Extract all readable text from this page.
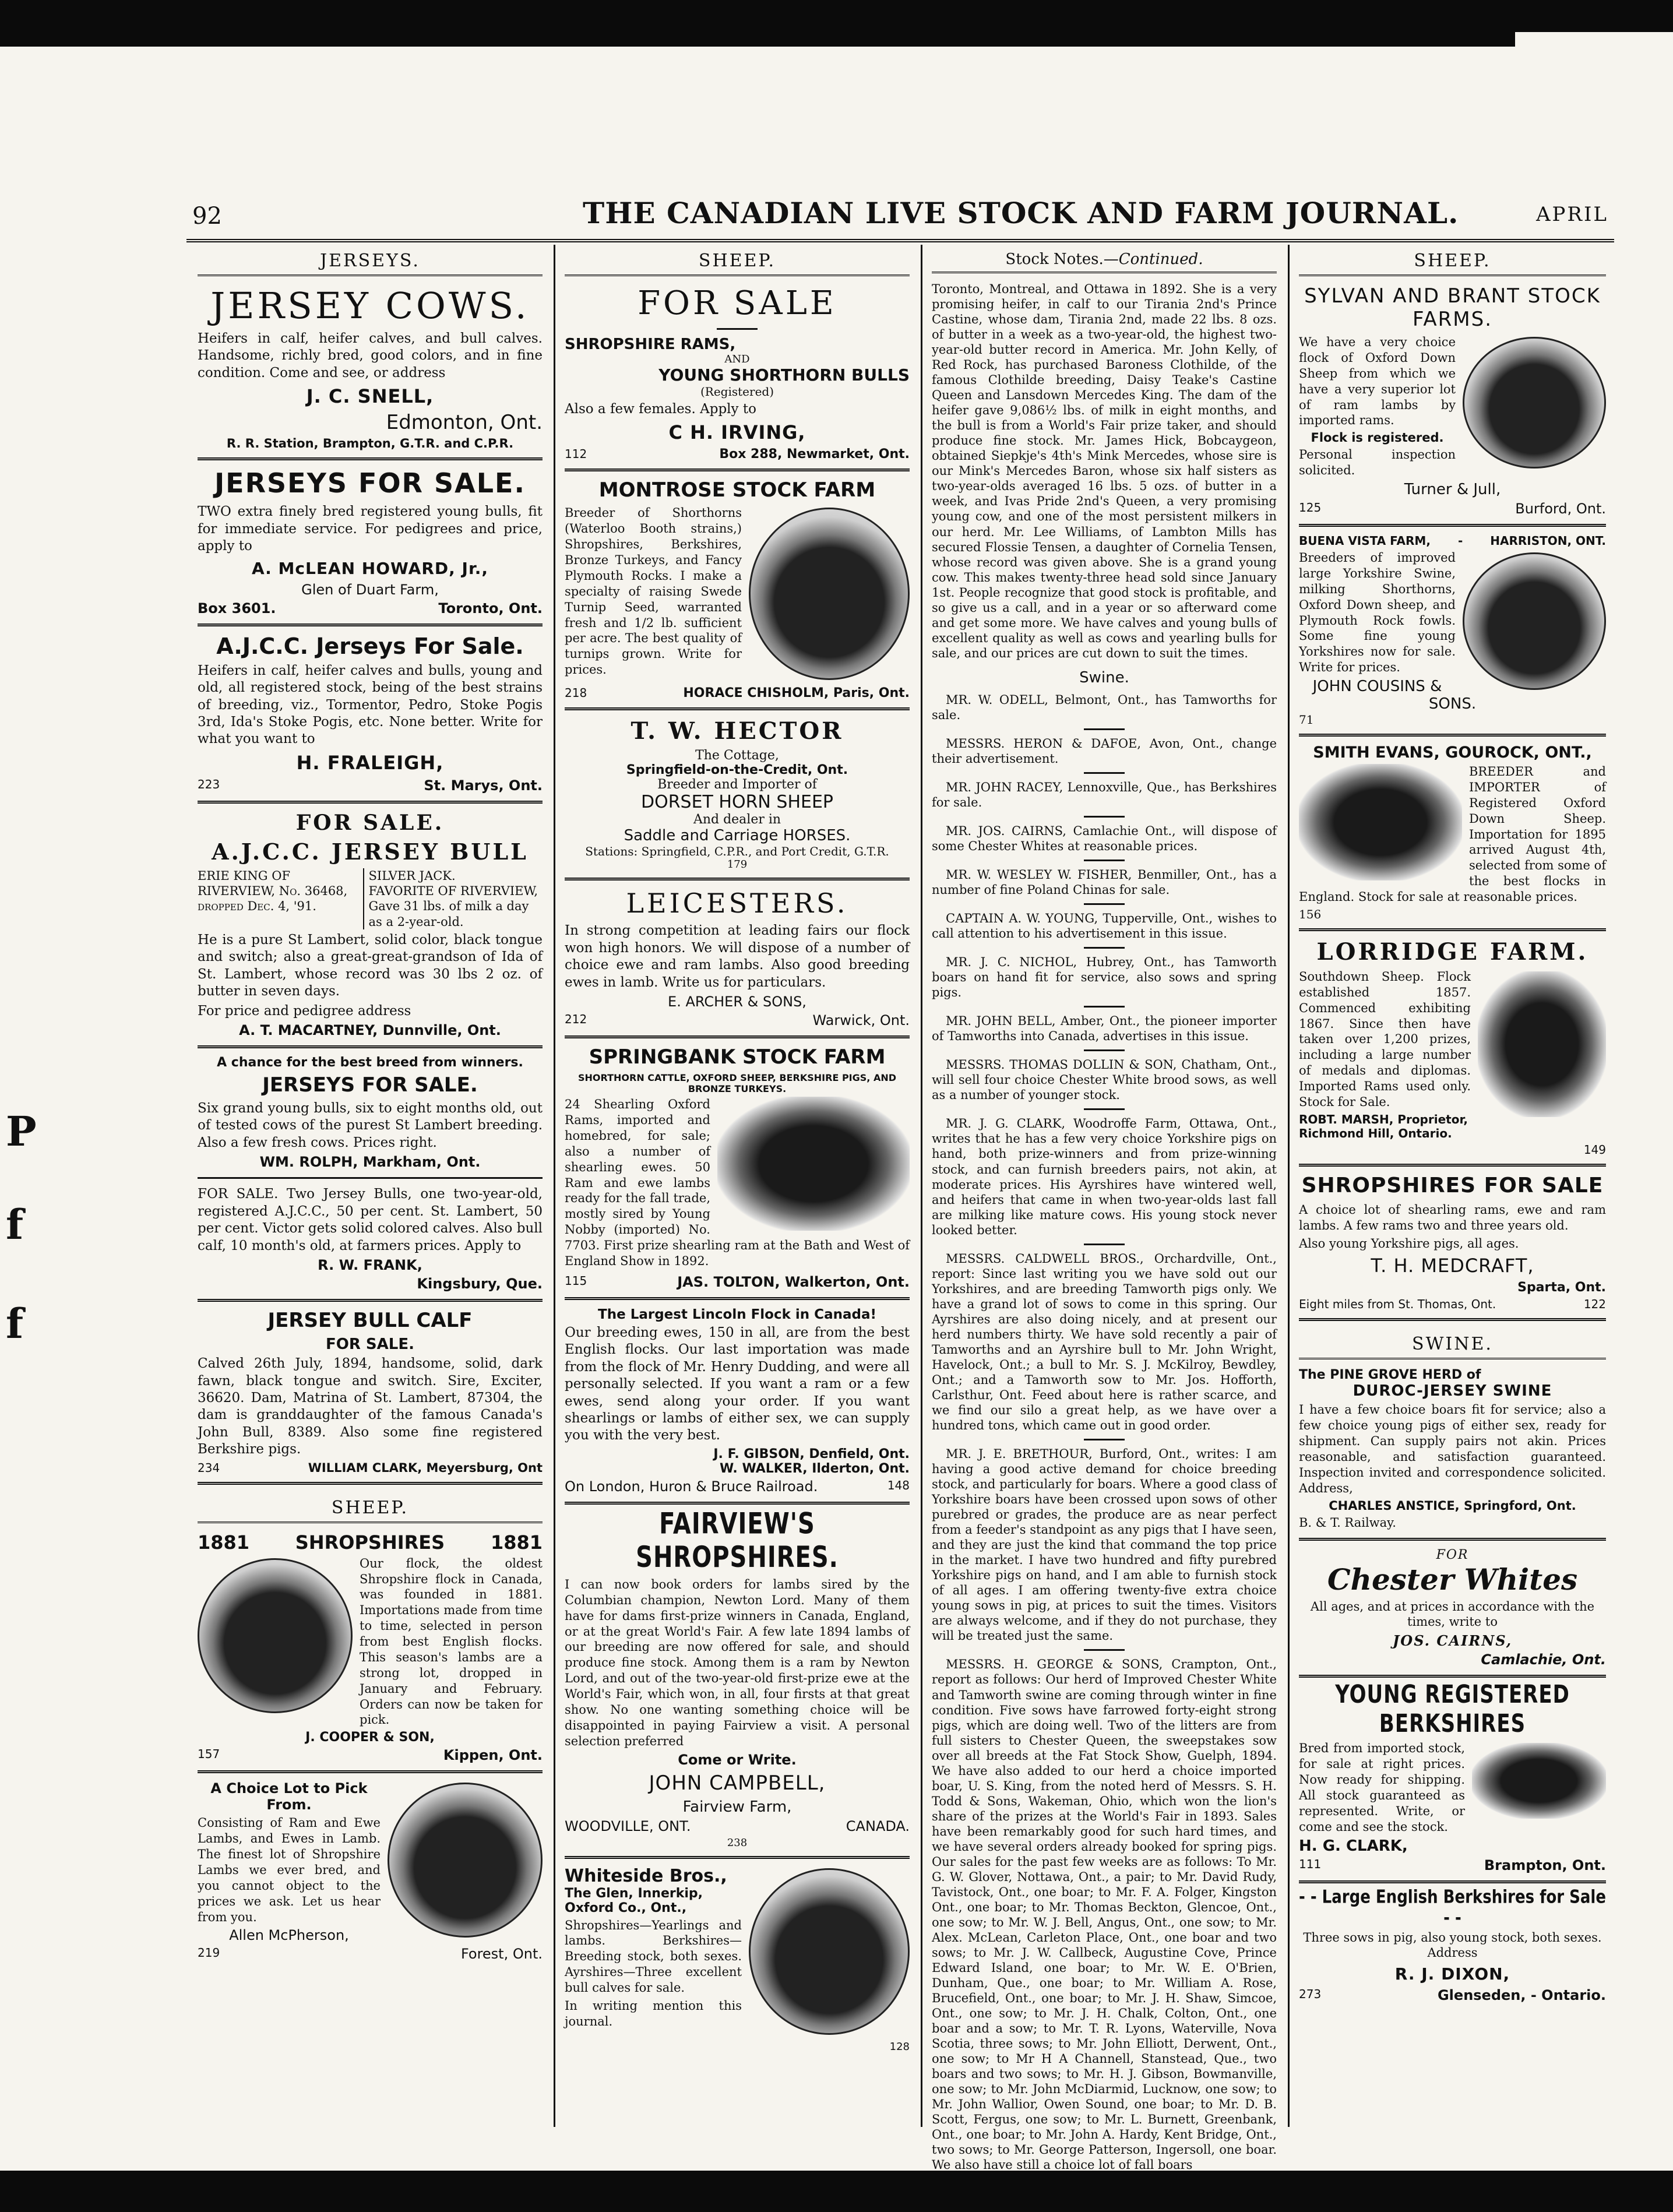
P
f
f
92	THE CANADIAN LIVE STOCK AND FARM JOURNAL.	APRIL
JERSEYS.
JERSEY COWS.
Heifers in calf, heifer calves, and bull calves. Handsome, richly bred, good colors, and in fine condition. Come and see, or address
J. C. SNELL,
Edmonton, Ont.
R. R. Station, Brampton, G.T.R. and C.P.R.
JERSEYS FOR SALE.
TWO extra finely bred registered young bulls, fit for immediate service. For pedigrees and price, apply to
A. McLEAN HOWARD, Jr.,
Glen of Duart Farm,
Box 3601.	Toronto, Ont.
A.J.C.C. Jerseys For Sale.
Heifers in calf, heifer calves and bulls, young and old, all registered stock, being of the best strains of breeding, viz., Tormentor, Pedro, Stoke Pogis 3rd, Ida's Stoke Pogis, etc. None better. Write for what you want to
H. FRALEIGH,
223	St. Marys, Ont.
FOR SALE.
A.J.C.C. JERSEY BULL
ERIE KING OF RIVERVIEW, No. 36468, dropped Dec. 4, '91.
SILVER JACK.
FAVORITE OF RIVERVIEW,
Gave 31 lbs. of milk a day as a 2-year-old.
He is a pure St Lambert, solid color, black tongue and switch; also a great-great-grandson of Ida of St. Lambert, whose record was 30 lbs 2 oz. of butter in seven days.
For price and pedigree address
A. T. MACARTNEY, Dunnville, Ont.
A chance for the best breed from winners.
JERSEYS FOR SALE.
Six grand young bulls, six to eight months old, out of tested cows of the purest St Lambert breeding. Also a few fresh cows. Prices right.
WM. ROLPH, Markham, Ont.
FOR SALE. Two Jersey Bulls, one two-year-old, registered A.J.C.C., 50 per cent. St. Lambert, 50 per cent. Victor gets solid colored calves. Also bull calf, 10 month's old, at farmers prices. Apply to
R. W. FRANK,
Kingsbury, Que.
JERSEY BULL CALF
FOR SALE.
Calved 26th July, 1894, handsome, solid, dark fawn, black tongue and switch. Sire, Exciter, 36620. Dam, Matrina of St. Lambert, 87304, the dam is granddaughter of the famous Canada's John Bull, 8389. Also some fine registered Berkshire pigs.
234	WILLIAM CLARK, Meyersburg, Ont
SHEEP.
1881 SHROPSHIRES 1881
Our flock, the oldest Shropshire flock in Canada, was founded in 1881. Importations made from time to time, selected in person from best English flocks. This season's lambs are a strong lot, dropped in January and February. Orders can now be taken for pick.
J. COOPER & SON,
157	Kippen, Ont.
A Choice Lot to Pick From.
Consisting of Ram and Ewe Lambs, and Ewes in Lamb. The finest lot of Shropshire Lambs we ever bred, and you cannot object to the prices we ask. Let us hear from you.
Allen McPherson,
219	Forest, Ont.
SHEEP.
FOR SALE
SHROPSHIRE RAMS,
AND
YOUNG SHORTHORN BULLS
(Registered)
Also a few females. Apply to
C H. IRVING,
112	Box 288, Newmarket, Ont.
MONTROSE STOCK FARM
Breeder of Shorthorns (Waterloo Booth strains,) Shropshires, Berkshires, Bronze Turkeys, and Fancy Plymouth Rocks. I make a specialty of raising Swede Turnip Seed, warranted fresh and 1/2 lb. sufficient per acre. The best quality of turnips grown. Write for prices.
218	HORACE CHISHOLM, Paris, Ont.
T. W. HECTOR
The Cottage,
Springfield-on-the-Credit, Ont.
Breeder and Importer of
DORSET HORN SHEEP
And dealer in
Saddle and Carriage HORSES.
Stations: Springfield, C.P.R., and Port Credit, G.T.R.
179
LEICESTERS.
In strong competition at leading fairs our flock won high honors. We will dispose of a number of choice ewe and ram lambs. Also good breeding ewes in lamb. Write us for particulars.
E. ARCHER & SONS,
212	Warwick, Ont.
SPRINGBANK STOCK FARM
SHORTHORN CATTLE, OXFORD SHEEP, BERKSHIRE PIGS, AND BRONZE TURKEYS.
24 Shearling Oxford Rams, imported and homebred, for sale; also a number of shearling ewes. 50 Ram and ewe lambs ready for the fall trade, mostly sired by Young Nobby (imported) No. 7703. First prize shearling ram at the Bath and West of England Show in 1892.
115	JAS. TOLTON, Walkerton, Ont.
The Largest Lincoln Flock in Canada!
Our breeding ewes, 150 in all, are from the best English flocks. Our last importation was made from the flock of Mr. Henry Dudding, and were all personally selected. If you want a ram or a few ewes, send along your order. If you want shearlings or lambs of either sex, we can supply you with the very best.
J. F. GIBSON, Denfield, Ont.
W. WALKER, Ilderton, Ont.
On London, Huron & Bruce Railroad.	148
FAIRVIEW'S SHROPSHIRES.
I can now book orders for lambs sired by the Columbian champion, Newton Lord. Many of them have for dams first-prize winners in Canada, England, or at the great World's Fair. A few late 1894 lambs of our breeding are now offered for sale, and should produce fine stock. Among them is a ram by Newton Lord, and out of the two-year-old first-prize ewe at the World's Fair, which won, in all, four firsts at that great show. No one wanting something choice will be disappointed in paying Fairview a visit. A personal selection preferred
Come or Write.
JOHN CAMPBELL,
Fairview Farm,
WOODVILLE, ONT.	CANADA.
238
Whiteside Bros.,
The Glen, Innerkip,
Oxford Co., Ont.,
Shropshires—Yearlings and lambs. Berkshires—Breeding stock, both sexes. Ayrshires—Three excellent bull calves for sale.
In writing mention this journal.
128
Stock Notes.—Continued.
Toronto, Montreal, and Ottawa in 1892. She is a very promising heifer, in calf to our Tirania 2nd's Prince Castine, whose dam, Tirania 2nd, made 22 lbs. 8 ozs. of butter in a week as a two-year-old, the highest two-year-old butter record in America. Mr. John Kelly, of Red Rock, has purchased Baroness Clothilde, of the famous Clothilde breeding, Daisy Teake's Castine Queen and Lansdown Mercedes King. The dam of the heifer gave 9,086½ lbs. of milk in eight months, and the bull is from a World's Fair prize taker, and should produce fine stock. Mr. James Hick, Bobcaygeon, obtained Siepkje's 4th's Mink Mercedes, whose sire is our Mink's Mercedes Baron, whose six half sisters as two-year-olds averaged 16 lbs. 5 ozs. of butter in a week, and Ivas Pride 2nd's Queen, a very promising young cow, and one of the most persistent milkers in our herd. Mr. Lee Williams, of Lambton Mills has secured Flossie Tensen, a daughter of Cornelia Tensen, whose record was given above. She is a grand young cow. This makes twenty-three head sold since January 1st. People recognize that good stock is profitable, and so give us a call, and in a year or so afterward come and get some more. We have calves and young bulls of excellent quality as well as cows and yearling bulls for sale, and our prices are cut down to suit the times.
Swine.
MR. W. ODELL, Belmont, Ont., has Tamworths for sale.
MESSRS. HERON & DAFOE, Avon, Ont., change their advertisement.
MR. JOHN RACEY, Lennoxville, Que., has Berkshires for sale.
MR. JOS. CAIRNS, Camlachie Ont., will dispose of some Chester Whites at reasonable prices.
MR. W. WESLEY W. FISHER, Benmiller, Ont., has a number of fine Poland Chinas for sale.
CAPTAIN A. W. YOUNG, Tupperville, Ont., wishes to call attention to his advertisement in this issue.
MR. J. C. NICHOL, Hubrey, Ont., has Tamworth boars on hand fit for service, also sows and spring pigs.
MR. JOHN BELL, Amber, Ont., the pioneer importer of Tamworths into Canada, advertises in this issue.
MESSRS. THOMAS DOLLIN & SON, Chatham, Ont., will sell four choice Chester White brood sows, as well as a number of younger stock.
MR. J. G. CLARK, Woodroffe Farm, Ottawa, Ont., writes that he has a few very choice Yorkshire pigs on hand, both prize-winners and from prize-winning stock, and can furnish breeders pairs, not akin, at moderate prices. His Ayrshires have wintered well, and heifers that came in when two-year-olds last fall are milking like mature cows. His young stock never looked better.
MESSRS. CALDWELL BROS., Orchardville, Ont., report: Since last writing you we have sold out our Yorkshires, and are breeding Tamworth pigs only. We have a grand lot of sows to come in this spring. Our Ayrshires are also doing nicely, and at present our herd numbers thirty. We have sold recently a pair of Tamworths and an Ayrshire bull to Mr. John Wright, Havelock, Ont.; a bull to Mr. S. J. McKilroy, Bewdley, Ont.; and a Tamworth sow to Mr. Jos. Hofforth, Carlsthur, Ont. Feed about here is rather scarce, and we find our silo a great help, as we have over a hundred tons, which came out in good order.
MR. J. E. BRETHOUR, Burford, Ont., writes: I am having a good active demand for choice breeding stock, and particularly for boars. Where a good class of Yorkshire boars have been crossed upon sows of other purebred or grades, the produce are as near perfect from a feeder's standpoint as any pigs that I have seen, and they are just the kind that command the top price in the market. I have two hundred and fifty purebred Yorkshire pigs on hand, and I am able to furnish stock of all ages. I am offering twenty-five extra choice young sows in pig, at prices to suit the times. Visitors are always welcome, and if they do not purchase, they will be treated just the same.
MESSRS. H. GEORGE & SONS, Crampton, Ont., report as follows: Our herd of Improved Chester White and Tamworth swine are coming through winter in fine condition. Five sows have farrowed forty-eight strong pigs, which are doing well. Two of the litters are from full sisters to Chester Queen, the sweepstakes sow over all breeds at the Fat Stock Show, Guelph, 1894. We have also added to our herd a choice imported boar, U. S. King, from the noted herd of Messrs. S. H. Todd & Sons, Wakeman, Ohio, which won the lion's share of the prizes at the World's Fair in 1893. Sales have been remarkably good for such hard times, and we have several orders already booked for spring pigs. Our sales for the past few weeks are as follows: To Mr. G. W. Glover, Nottawa, Ont., a pair; to Mr. David Rudy, Tavistock, Ont., one boar; to Mr. F. A. Folger, Kingston Ont., one boar; to Mr. Thomas Beckton, Glencoe, Ont., one sow; to Mr. W. J. Bell, Angus, Ont., one sow; to Mr. Alex. McLean, Carleton Place, Ont., one boar and two sows; to Mr. J. W. Callbeck, Augustine Cove, Prince Edward Island, one boar; to Mr. W. E. O'Brien, Dunham, Que., one boar; to Mr. William A. Rose, Brucefield, Ont., one boar; to Mr. J. H. Shaw, Simcoe, Ont., one sow; to Mr. J. H. Chalk, Colton, Ont., one boar and a sow; to Mr. T. R. Lyons, Waterville, Nova Scotia, three sows; to Mr. John Elliott, Derwent, Ont., one sow; to Mr H A Channell, Stanstead, Que., two boars and two sows; to Mr. H. J. Gibson, Bowmanville, one sow; to Mr. John McDiarmid, Lucknow, one sow; to Mr. John Wallior, Owen Sound, one boar; to Mr. D. B. Scott, Fergus, one sow; to Mr. L. Burnett, Greenbank, Ont., one boar; to Mr. John A. Hardy, Kent Bridge, Ont., two sows; to Mr. George Patterson, Ingersoll, one boar. We also have still a choice lot of fall boars
SHEEP.
SYLVAN AND BRANT STOCK FARMS.
We have a very choice flock of Oxford Down Sheep from which we have a very superior lot of ram lambs by imported rams.
Flock is registered.
Personal inspection solicited.
Turner & Jull,
125	Burford, Ont.
BUENA VISTA FARM, - HARRISTON, ONT.
Breeders of improved large Yorkshire Swine, milking Shorthorns, Oxford Down sheep, and Plymouth Rock fowls. Some fine young Yorkshires now for sale. Write for prices.
JOHN COUSINS & SONS.
71
SMITH EVANS, GOUROCK, ONT.,
BREEDER and IMPORTER of Registered Oxford Down Sheep. Importation for 1895 arrived August 4th, selected from some of the best flocks in England. Stock for sale at reasonable prices.
156
LORRIDGE FARM.
Southdown Sheep. Flock established 1857. Commenced exhibiting 1867. Since then have taken over 1,200 prizes, including a large number of medals and diplomas. Imported Rams used only. Stock for Sale.
ROBT. MARSH, Proprietor, Richmond Hill, Ontario.
149
SHROPSHIRES FOR SALE
A choice lot of shearling rams, ewe and ram lambs. A few rams two and three years old.
Also young Yorkshire pigs, all ages.
T. H. MEDCRAFT,
Sparta, Ont.
Eight miles from St. Thomas, Ont.	122
SWINE.
The PINE GROVE HERD of
DUROC-JERSEY SWINE
I have a few choice boars fit for service; also a few choice young pigs of either sex, ready for shipment. Can supply pairs not akin. Prices reasonable, and satisfaction guaranteed. Inspection invited and correspondence solicited. Address,
CHARLES ANSTICE, Springford, Ont.
B. & T. Railway.
FOR
Chester Whites
All ages, and at prices in accordance with the times, write to
JOS. CAIRNS,
Camlachie, Ont.
YOUNG REGISTERED BERKSHIRES
Bred from imported stock, for sale at right prices. Now ready for shipping. All stock guaranteed as represented. Write, or come and see the stock.
H. G. CLARK,
111	Brampton, Ont.
- - Large English Berkshires for Sale - -
Three sows in pig, also young stock, both sexes. Address
R. J. DIXON,
273	Glenseden, - Ontario.
